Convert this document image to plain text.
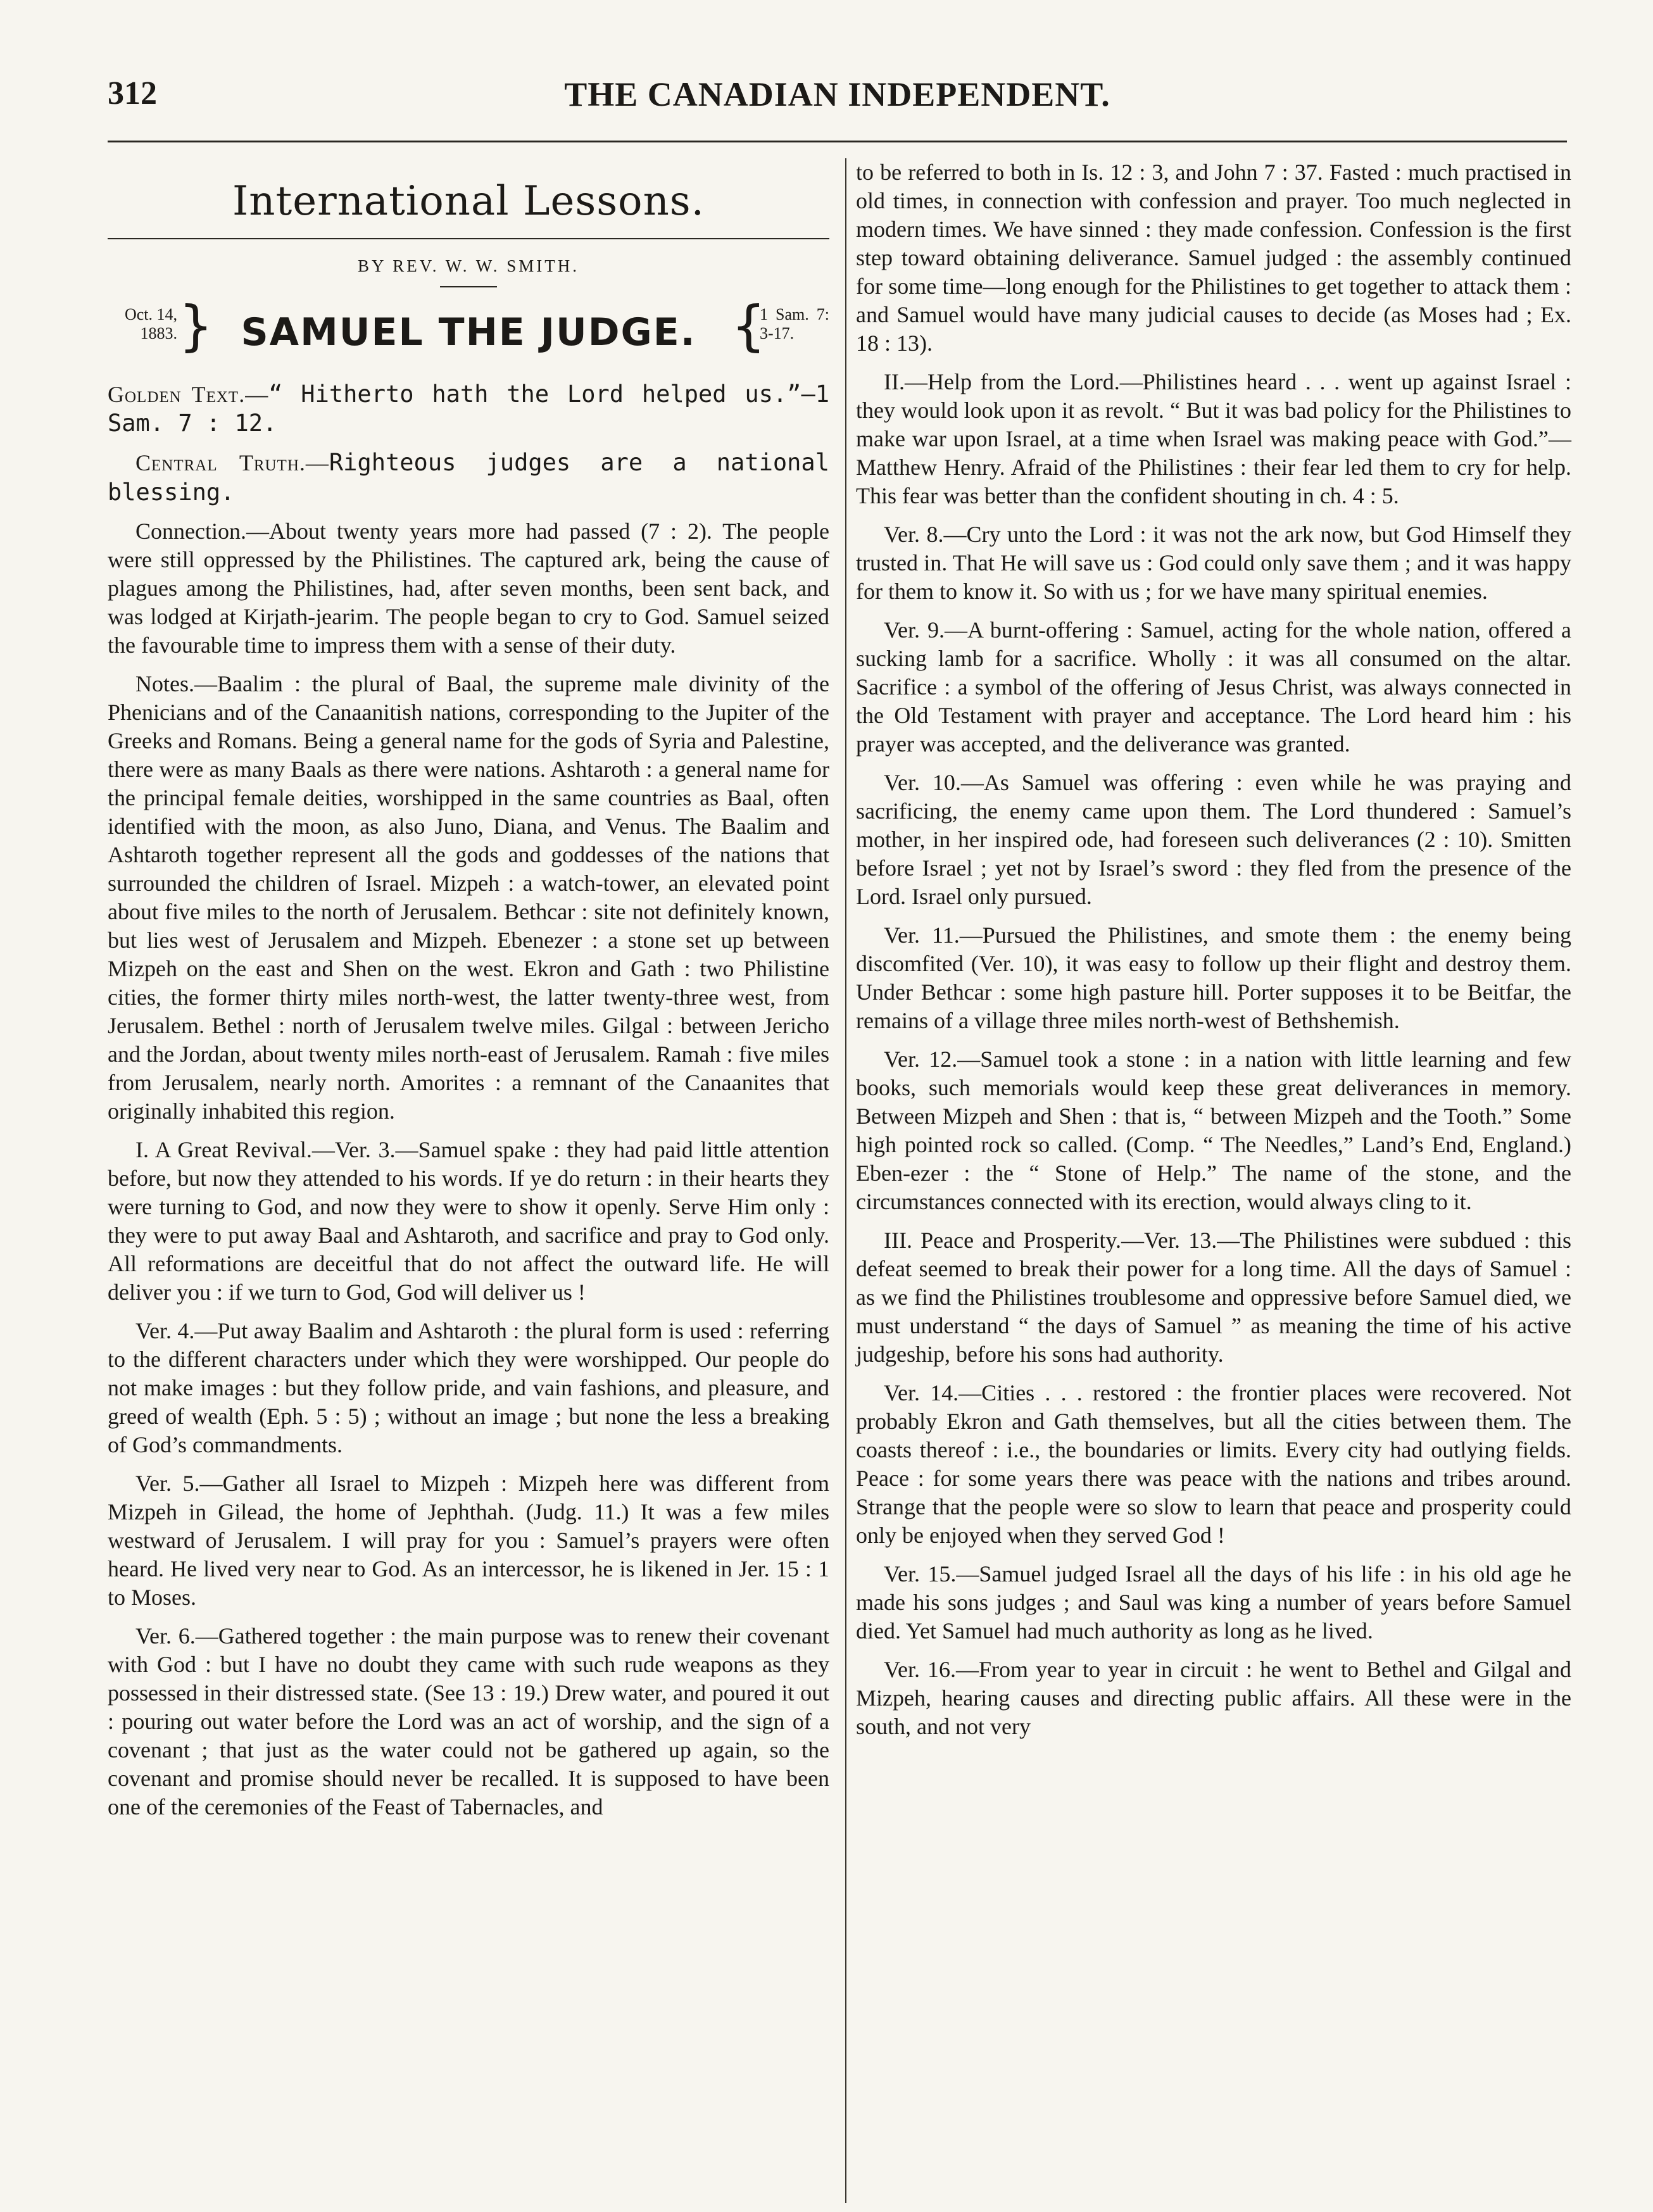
312	THE CANADIAN INDEPENDENT.
International Lessons.
BY REV. W. W. SMITH.
Oct. 14, 1883. } SAMUEL THE JUDGE. {
1 Sam. 7: 3-17.

Golden Text.—“ Hitherto hath the Lord helped us.”—1 Sam. 7 : 12.

Central Truth.—Righteous judges are a national blessing.

Connection.—About twenty years more had passed (7 : 2). The people were still oppressed by the Philistines. The captured ark, being the cause of plagues among the Philistines, had, after seven months, been sent back, and was lodged at Kirjath-jearim. The people began to cry to God. Samuel seized the favourable time to impress them with a sense of their duty.

Notes.—Baalim : the plural of Baal, the supreme male divinity of the Phenicians and of the Canaanitish nations, corresponding to the Jupiter of the Greeks and Romans. Being a general name for the gods of Syria and Palestine, there were as many Baals as there were nations. Ashtaroth : a general name for the principal female deities, worshipped in the same countries as Baal, often identified with the moon, as also Juno, Diana, and Venus. The Baalim and Ashtaroth together represent all the gods and goddesses of the nations that surrounded the children of Israel. Mizpeh : a watch-tower, an elevated point about five miles to the north of Jerusalem. Bethcar : site not definitely known, but lies west of Jerusalem and Mizpeh. Ebenezer : a stone set up between Mizpeh on the east and Shen on the west. Ekron and Gath : two Philistine cities, the former thirty miles north-west, the latter twenty-three west, from Jerusalem. Bethel : north of Jerusalem twelve miles. Gilgal : between Jericho and the Jordan, about twenty miles north-east of Jerusalem. Ramah : five miles from Jerusalem, nearly north. Amorites : a remnant of the Canaanites that originally inhabited this region.

I. A Great Revival.—Ver. 3.—Samuel spake : they had paid little attention before, but now they attended to his words. If ye do return : in their hearts they were turning to God, and now they were to show it openly. Serve Him only : they were to put away Baal and Ashtaroth, and sacrifice and pray to God only. All reformations are deceitful that do not affect the outward life. He will deliver you : if we turn to God, God will deliver us !

Ver. 4.—Put away Baalim and Ashtaroth : the plural form is used : referring to the different characters under which they were worshipped. Our people do not make images : but they follow pride, and vain fashions, and pleasure, and greed of wealth (Eph. 5 : 5) ; without an image ; but none the less a breaking of God’s commandments.

Ver. 5.—Gather all Israel to Mizpeh : Mizpeh here was different from Mizpeh in Gilead, the home of Jephthah. (Judg. 11.) It was a few miles westward of Jerusalem. I will pray for you : Samuel’s prayers were often heard. He lived very near to God. As an intercessor, he is likened in Jer. 15 : 1 to Moses.

Ver. 6.—Gathered together : the main purpose was to renew their covenant with God : but I have no doubt they came with such rude weapons as they possessed in their distressed state. (See 13 : 19.) Drew water, and poured it out : pouring out water before the Lord was an act of worship, and the sign of a covenant ; that just as the water could not be gathered up again, so the covenant and promise should never be recalled. It is supposed to have been one of the ceremonies of the Feast of Tabernacles, and

to be referred to both in Is. 12 : 3, and John 7 : 37. Fasted : much practised in old times, in connection with confession and prayer. Too much neglected in modern times. We have sinned : they made confession. Confession is the first step toward obtaining deliverance. Samuel judged : the assembly continued for some time—long enough for the Philistines to get together to attack them : and Samuel would have many judicial causes to decide (as Moses had ; Ex. 18 : 13).

II.—Help from the Lord.—Philistines heard . . . went up against Israel : they would look upon it as revolt. “ But it was bad policy for the Philistines to make war upon Israel, at a time when Israel was making peace with God.”—Matthew Henry. Afraid of the Philistines : their fear led them to cry for help. This fear was better than the confident shouting in ch. 4 : 5.

Ver. 8.—Cry unto the Lord : it was not the ark now, but God Himself they trusted in. That He will save us : God could only save them ; and it was happy for them to know it. So with us ; for we have many spiritual enemies.

Ver. 9.—A burnt-offering : Samuel, acting for the whole nation, offered a sucking lamb for a sacrifice. Wholly : it was all consumed on the altar. Sacrifice : a symbol of the offering of Jesus Christ, was always connected in the Old Testament with prayer and acceptance. The Lord heard him : his prayer was accepted, and the deliverance was granted.

Ver. 10.—As Samuel was offering : even while he was praying and sacrificing, the enemy came upon them. The Lord thundered : Samuel’s mother, in her inspired ode, had foreseen such deliverances (2 : 10). Smitten before Israel ; yet not by Israel’s sword : they fled from the presence of the Lord. Israel only pursued.

Ver. 11.—Pursued the Philistines, and smote them : the enemy being discomfited (Ver. 10), it was easy to follow up their flight and destroy them. Under Bethcar : some high pasture hill. Porter supposes it to be Beitfar, the remains of a village three miles north-west of Bethshemish.

Ver. 12.—Samuel took a stone : in a nation with little learning and few books, such memorials would keep these great deliverances in memory. Between Mizpeh and Shen : that is, “ between Mizpeh and the Tooth.” Some high pointed rock so called. (Comp. “ The Needles,” Land’s End, England.) Eben-ezer : the “ Stone of Help.” The name of the stone, and the circumstances connected with its erection, would always cling to it.

III. Peace and Prosperity.—Ver. 13.—The Philistines were subdued : this defeat seemed to break their power for a long time. All the days of Samuel : as we find the Philistines troublesome and oppressive before Samuel died, we must understand “ the days of Samuel ” as meaning the time of his active judgeship, before his sons had authority.

Ver. 14.—Cities . . . restored : the frontier places were recovered. Not probably Ekron and Gath themselves, but all the cities between them. The coasts thereof : i.e., the boundaries or limits. Every city had outlying fields. Peace : for some years there was peace with the nations and tribes around. Strange that the people were so slow to learn that peace and prosperity could only be enjoyed when they served God !

Ver. 15.—Samuel judged Israel all the days of his life : in his old age he made his sons judges ; and Saul was king a number of years before Samuel died. Yet Samuel had much authority as long as he lived.

Ver. 16.—From year to year in circuit : he went to Bethel and Gilgal and Mizpeh, hearing causes and directing public affairs. All these were in the south, and not very
